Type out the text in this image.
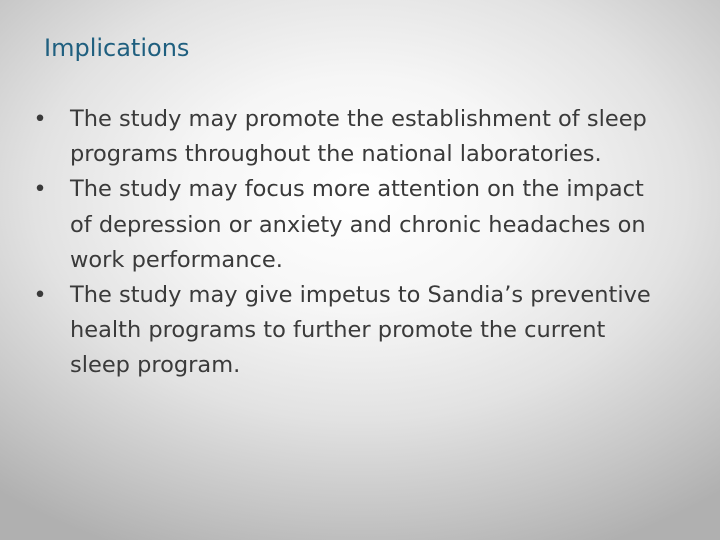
Implications
• The study may promote the establishment of sleep programs throughout the national laboratories.
• The study may focus more attention on the impact of depression or anxiety and chronic headaches on work performance.
• The study may give impetus to Sandia’s preventive health programs to further promote the current sleep program.
